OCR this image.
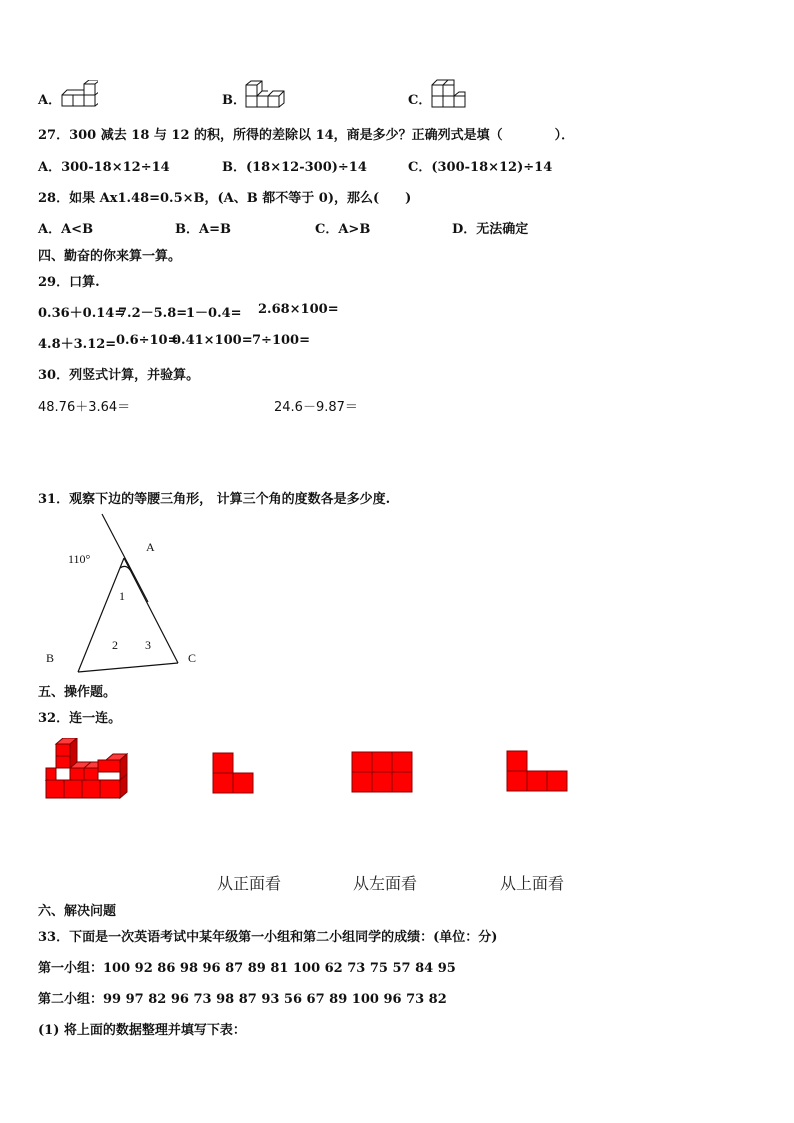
A．	B．	C．
27．300 减去 18 与 12 的积，所得的差除以 14，商是多少？正确列式是填（　　　　）．
A．300-18×12÷14	B．(18×12-300)÷14	C．(300-18×12)÷14
28．如果 Ax1.48=0.5×B，(A、B 都不等于 0)，那么(　　)
A．A<B	B．A=B	C．A>B	D．无法确定
四、勤奋的你来算一算。
29．口算.
0.36＋0.14=
7.2－5.8=
1－0.4= 2.68×100=
4.8＋3.12= 0.6÷10=
0.41×100= 7÷100=
30．列竖式计算，并验算。
48.76＋3.64＝	24.6－9.87＝
31．观察下边的等腰三角形， 计算三个角的度数各是多少度.
110°
A
B	C
1
2 3
五、操作题。
32．连一连。
从正面看	从左面看	从上面看
六、解决问题
33．下面是一次英语考试中某年级第一小组和第二小组同学的成绩：(单位：分)
第一小组：100 92 86 98 96 87 89 81 100 62 73 75 57 84 95
第二小组：99 97 82 96 73 98 87 93 56 67 89 100 96 73 82
(1) 将上面的数据整理并填写下表：
